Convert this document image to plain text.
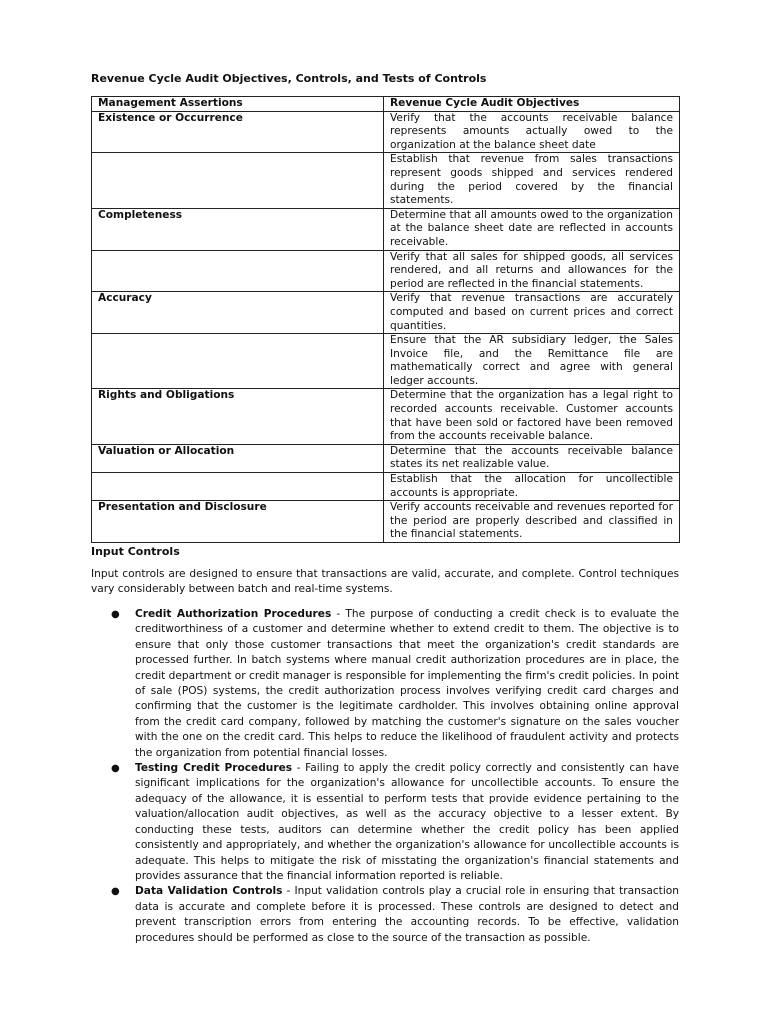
Revenue Cycle Audit Objectives, Controls, and Tests of Controls
Management Assertions	Revenue Cycle Audit Objectives
Existence or Occurrence	Verify that the accounts receivable balance represents amounts actually owed to the organization at the balance sheet date
	Establish that revenue from sales transactions represent goods shipped and services rendered during the period covered by the financial statements.
Completeness	Determine that all amounts owed to the organization at the balance sheet date are reflected in accounts receivable.
	Verify that all sales for shipped goods, all services rendered, and all returns and allowances for the period are reflected in the financial statements.
Accuracy	Verify that revenue transactions are accurately computed and based on current prices and correct quantities.
	Ensure that the AR subsidiary ledger, the Sales Invoice file, and the Remittance file are mathematically correct and agree with general ledger accounts.
Rights and Obligations	Determine that the organization has a legal right to recorded accounts receivable. Customer accounts that have been sold or factored have been removed from the accounts receivable balance.
Valuation or Allocation	Determine that the accounts receivable balance states its net realizable value.
	Establish that the allocation for uncollectible accounts is appropriate.
Presentation and Disclosure	Verify accounts receivable and revenues reported for the period are properly described and classified in the financial statements.
Input Controls

Input controls are designed to ensure that transactions are valid, accurate, and complete. Control techniques vary considerably between batch and real-time systems.

● Credit Authorization Procedures - The purpose of conducting a credit check is to evaluate the creditworthiness of a customer and determine whether to extend credit to them. The objective is to ensure that only those customer transactions that meet the organization's credit standards are processed further. In batch systems where manual credit authorization procedures are in place, the credit department or credit manager is responsible for implementing the firm's credit policies. In point of sale (POS) systems, the credit authorization process involves verifying credit card charges and confirming that the customer is the legitimate cardholder. This involves obtaining online approval from the credit card company, followed by matching the customer's signature on the sales voucher with the one on the credit card. This helps to reduce the likelihood of fraudulent activity and protects the organization from potential financial losses.
● Testing Credit Procedures - Failing to apply the credit policy correctly and consistently can have significant implications for the organization's allowance for uncollectible accounts. To ensure the adequacy of the allowance, it is essential to perform tests that provide evidence pertaining to the valuation/allocation audit objectives, as well as the accuracy objective to a lesser extent. By conducting these tests, auditors can determine whether the credit policy has been applied consistently and appropriately, and whether the organization's allowance for uncollectible accounts is adequate. This helps to mitigate the risk of misstating the organization's financial statements and provides assurance that the financial information reported is reliable.
● Data Validation Controls - Input validation controls play a crucial role in ensuring that transaction data is accurate and complete before it is processed. These controls are designed to detect and prevent transcription errors from entering the accounting records. To be effective, validation procedures should be performed as close to the source of the transaction as possible.
